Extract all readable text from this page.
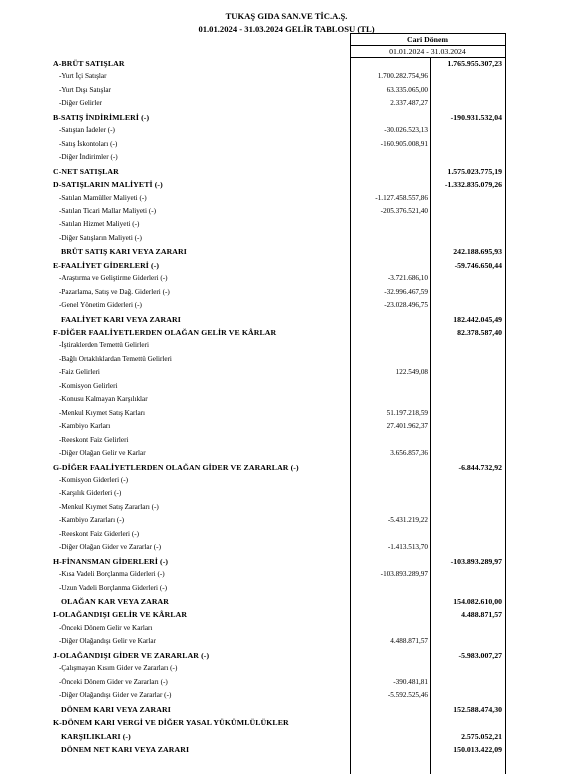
TUKAŞ GIDA SAN.VE TİC.A.Ş.
01.01.2024 - 31.03.2024 GELİR TABLOSU (TL)
Cari Dönem
01.01.2024 - 31.03.2024
A-BRÜT SATIŞLAR	1.765.955.307,23
-Yurt İçi Satışlar	1.700.282.754,96
-Yurt Dışı Satışlar	63.335.065,00
-Diğer Gelirler	2.337.487,27
B-SATIŞ İNDİRİMLERİ (-)	-190.931.532,04
-Satıştan İadeler (-)	-30.026.523,13
-Satış İskontoları (-)	-160.905.008,91
-Diğer İndirimler (-)
C-NET SATIŞLAR	1.575.023.775,19
D-SATIŞLARIN MALİYETİ (-)	-1.332.835.079,26
-Satılan Mamüller Maliyeti (-)	-1.127.458.557,86
-Satılan Ticari Mallar Maliyeti (-)	-205.376.521,40
-Satılan Hizmet Maliyeti (-)
-Diğer Satışların Maliyeti (-)
BRÜT SATIŞ KARI VEYA ZARARI	242.188.695,93
E-FAALİYET GİDERLERİ (-)	-59.746.650,44
-Araştırma ve Geliştirme Giderleri (-)	-3.721.686,10
-Pazarlama, Satış ve Dağ. Giderleri (-)	-32.996.467,59
-Genel Yönetim Giderleri (-)	-23.028.496,75
FAALİYET KARI VEYA ZARARI	182.442.045,49
F-DİĞER FAALİYETLERDEN OLAĞAN GELİR VE KÂRLAR	82.378.587,40
-İştiraklerden Temettü Gelirleri
-Bağlı Ortaklıklardan Temettü Gelirleri
-Faiz Gelirleri	122.549,08
-Komisyon Gelirleri
-Konusu Kalmayan Karşılıklar
-Menkul Kıymet Satış Karları	51.197.218,59
-Kambiyo Karları	27.401.962,37
-Reeskont Faiz Gelirleri
-Diğer Olağan Gelir ve Karlar	3.656.857,36
G-DİĞER FAALİYETLERDEN OLAĞAN GİDER VE ZARARLAR (-)	-6.844.732,92
-Komisyon Giderleri (-)
-Karşılık Giderleri (-)
-Menkul Kıymet Satış Zararları (-)
-Kambiyo Zararları (-)	-5.431.219,22
-Reeskont Faiz Giderleri (-)
-Diğer Olağan Gider ve Zararlar (-)	-1.413.513,70
H-FİNANSMAN GİDERLERİ (-)	-103.893.289,97
-Kısa Vadeli Borçlanma Giderleri (-)	-103.893.289,97
-Uzun Vadeli Borçlanma Giderleri (-)
OLAĞAN KAR VEYA ZARAR	154.082.610,00
I-OLAĞANDIŞI GELİR VE KÂRLAR	4.488.871,57
-Önceki Dönem Gelir ve Karları
-Diğer Olağandışı Gelir ve Karlar	4.488.871,57
J-OLAĞANDIŞI GİDER VE ZARARLAR (-)	-5.983.007,27
-Çalışmayan Kısım Gider ve Zararları (-)
-Önceki Dönem Gider ve Zararları (-)	-390.481,81
-Diğer Olağandışı Gider ve Zararlar (-)	-5.592.525,46
DÖNEM KARI VEYA ZARARI	152.588.474,30
K-DÖNEM KARI VERGİ VE DİĞER YASAL YÜKÜMLÜLÜKLER
KARŞILIKLARI (-)	2.575.052,21
DÖNEM NET KARI VEYA ZARARI	150.013.422,09
